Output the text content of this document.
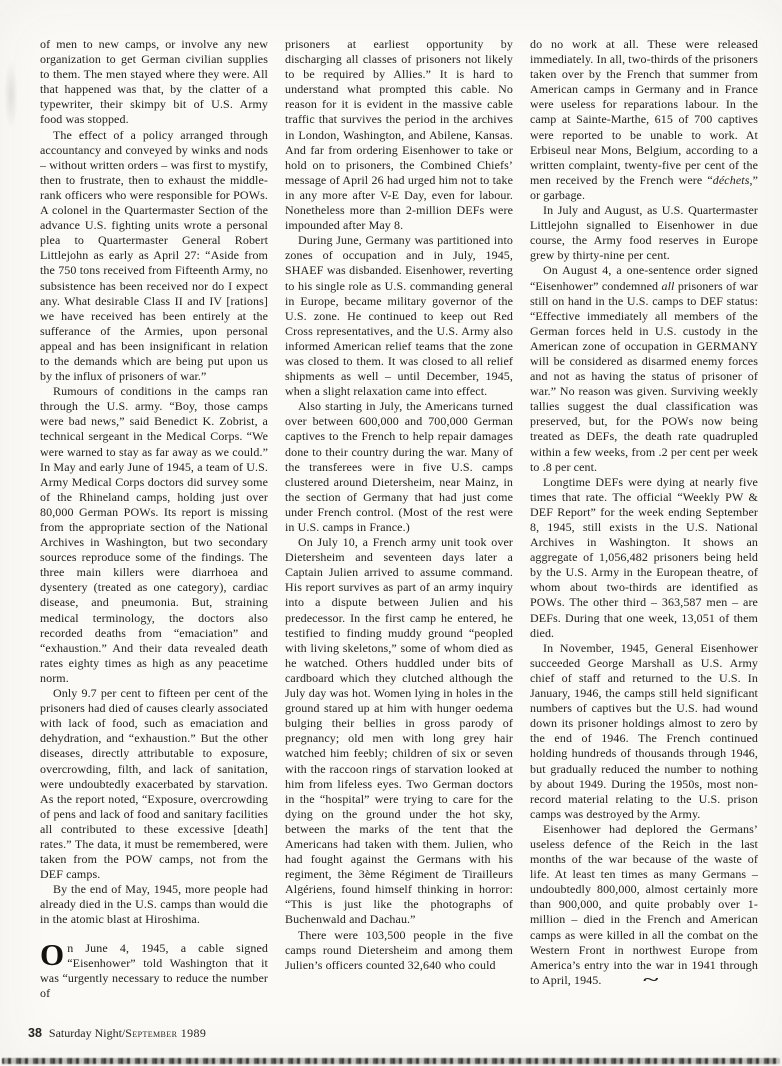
of men to new camps, or involve any new organization to get German civilian supplies to them. The men stayed where they were. All that happened was that, by the clatter of a typewriter, their skimpy bit of U.S. Army food was stopped.

The effect of a policy arranged through accountancy and conveyed by winks and nods – without written orders – was first to mystify, then to frustrate, then to exhaust the middle-rank officers who were responsible for POWs. A colonel in the Quartermaster Section of the advance U.S. fighting units wrote a personal plea to Quartermaster General Robert Littlejohn as early as April 27: “Aside from the 750 tons received from Fifteenth Army, no subsistence has been received nor do I expect any. What desirable Class II and IV [rations] we have received has been entirely at the sufferance of the Armies, upon personal appeal and has been insignificant in relation to the demands which are being put upon us by the influx of prisoners of war.”

Rumours of conditions in the camps ran through the U.S. army. “Boy, those camps were bad news,” said Benedict K. Zobrist, a technical sergeant in the Medical Corps. “We were warned to stay as far away as we could.” In May and early June of 1945, a team of U.S. Army Medical Corps doctors did survey some of the Rhineland camps, holding just over 80,000 German POWs. Its report is missing from the appropriate section of the National Archives in Washington, but two secondary sources reproduce some of the findings. The three main killers were diarrhoea and dysentery (treated as one category), cardiac disease, and pneumonia. But, straining medical terminology, the doctors also recorded deaths from “emaciation” and “exhaustion.” And their data revealed death rates eighty times as high as any peacetime norm.

Only 9.7 per cent to fifteen per cent of the prisoners had died of causes clearly associated with lack of food, such as emaciation and dehydration, and “exhaustion.” But the other diseases, directly attributable to exposure, overcrowding, filth, and lack of sanitation, were undoubtedly exacerbated by starvation. As the report noted, “Exposure, overcrowding of pens and lack of food and sanitary facilities all contributed to these excessive [death] rates.” The data, it must be remembered, were taken from the POW camps, not from the DEF camps.

By the end of May, 1945, more people had already died in the U.S. camps than would die in the atomic blast at Hiroshima.

On June 4, 1945, a cable signed “Eisenhower” told Washington that it was “urgently necessary to reduce the number of

prisoners at earliest opportunity by discharging all classes of prisoners not likely to be required by Allies.” It is hard to understand what prompted this cable. No reason for it is evident in the massive cable traffic that survives the period in the archives in London, Washington, and Abilene, Kansas. And far from ordering Eisenhower to take or hold on to prisoners, the Combined Chiefs’ message of April 26 had urged him not to take in any more after V-E Day, even for labour. Nonetheless more than 2-million DEFs were impounded after May 8.

During June, Germany was partitioned into zones of occupation and in July, 1945, SHAEF was disbanded. Eisenhower, reverting to his single role as U.S. commanding general in Europe, became military governor of the U.S. zone. He continued to keep out Red Cross representatives, and the U.S. Army also informed American relief teams that the zone was closed to them. It was closed to all relief shipments as well – until December, 1945, when a slight relaxation came into effect.

Also starting in July, the Americans turned over between 600,000 and 700,000 German captives to the French to help repair damages done to their country during the war. Many of the transferees were in five U.S. camps clustered around Dietersheim, near Mainz, in the section of Germany that had just come under French control. (Most of the rest were in U.S. camps in France.)

On July 10, a French army unit took over Dietersheim and seventeen days later a Captain Julien arrived to assume command. His report survives as part of an army inquiry into a dispute between Julien and his predecessor. In the first camp he entered, he testified to finding muddy ground “peopled with living skeletons,” some of whom died as he watched. Others huddled under bits of cardboard which they clutched although the July day was hot. Women lying in holes in the ground stared up at him with hunger oedema bulging their bellies in gross parody of pregnancy; old men with long grey hair watched him feebly; children of six or seven with the raccoon rings of starvation looked at him from lifeless eyes. Two German doctors in the “hospital” were trying to care for the dying on the ground under the hot sky, between the marks of the tent that the Americans had taken with them. Julien, who had fought against the Germans with his regiment, the 3ème Régiment de Tirailleurs Algériens, found himself thinking in horror: “This is just like the photographs of Buchenwald and Dachau.”

There were 103,500 people in the five camps round Dietersheim and among them Julien’s officers counted 32,640 who could

do no work at all. These were released immediately. In all, two-thirds of the prisoners taken over by the French that summer from American camps in Germany and in France were useless for reparations labour. In the camp at Sainte-Marthe, 615 of 700 captives were reported to be unable to work. At Erbiseul near Mons, Belgium, according to a written complaint, twenty-five per cent of the men received by the French were “déchets,” or garbage.

In July and August, as U.S. Quartermaster Littlejohn signalled to Eisenhower in due course, the Army food reserves in Europe grew by thirty-nine per cent.

On August 4, a one-sentence order signed “Eisenhower” condemned all prisoners of war still on hand in the U.S. camps to DEF status: “Effective immediately all members of the German forces held in U.S. custody in the American zone of occupation in GERMANY will be considered as disarmed enemy forces and not as having the status of prisoner of war.” No reason was given. Surviving weekly tallies suggest the dual classification was preserved, but, for the POWs now being treated as DEFs, the death rate quadrupled within a few weeks, from .2 per cent per week to .8 per cent.

Longtime DEFs were dying at nearly five times that rate. The official “Weekly PW & DEF Report” for the week ending September 8, 1945, still exists in the U.S. National Archives in Washington. It shows an aggregate of 1,056,482 prisoners being held by the U.S. Army in the European theatre, of whom about two-thirds are identified as POWs. The other third – 363,587 men – are DEFs. During that one week, 13,051 of them died.

In November, 1945, General Eisenhower succeeded George Marshall as U.S. Army chief of staff and returned to the U.S. In January, 1946, the camps still held significant numbers of captives but the U.S. had wound down its prisoner holdings almost to zero by the end of 1946. The French continued holding hundreds of thousands through 1946, but gradually reduced the number to nothing by about 1949. During the 1950s, most non-record material relating to the U.S. prison camps was destroyed by the Army.

Eisenhower had deplored the Germans’ useless defence of the Reich in the last months of the war because of the waste of life. At least ten times as many Germans – undoubtedly 800,000, almost certainly more than 900,000, and quite probably over 1-million – died in the French and American camps as were killed in all the combat on the Western Front in northwest Europe from America’s entry into the war in 1941 through to April, 1945.	~

38 Saturday Night/September 1989
